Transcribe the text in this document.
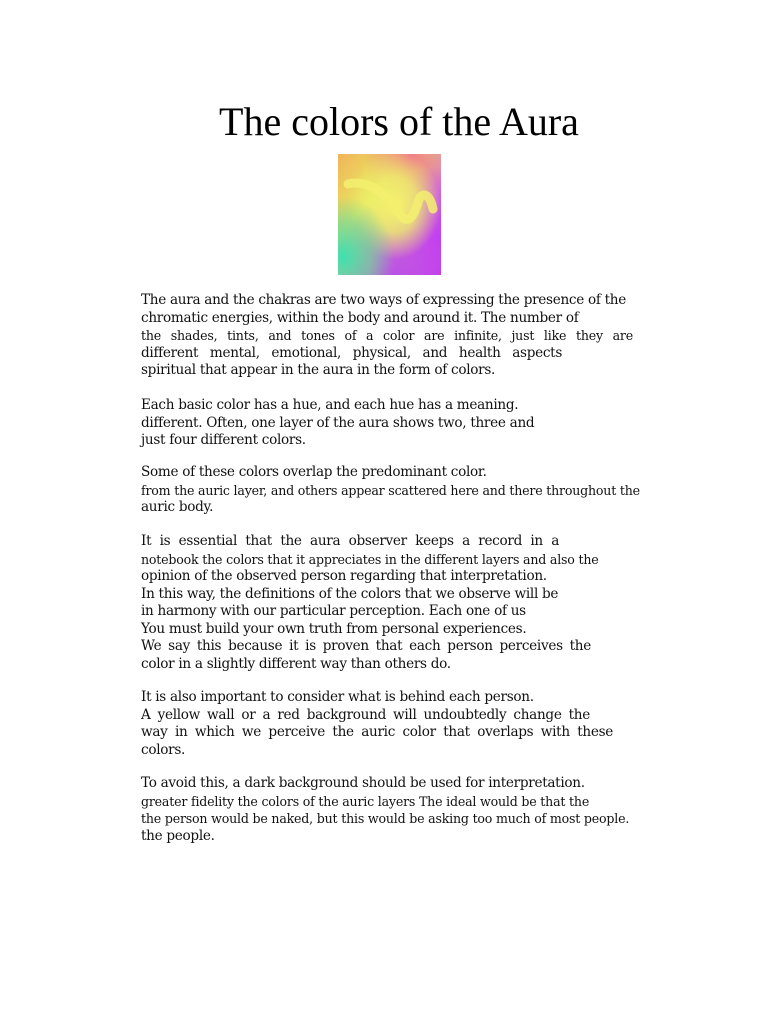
The colors of the Aura
The aura and the chakras are two ways of expressing the presence of the
chromatic energies, within the body and around it. The number of
the shades, tints, and tones of a color are infinite, just like they are
different mental, emotional, physical, and health aspects
spiritual that appear in the aura in the form of colors.
Each basic color has a hue, and each hue has a meaning.
different. Often, one layer of the aura shows two, three and
just four different colors.
Some of these colors overlap the predominant color.
from the auric layer, and others appear scattered here and there throughout the
auric body.
It is essential that the aura observer keeps a record in a
notebook the colors that it appreciates in the different layers and also the
opinion of the observed person regarding that interpretation.
In this way, the definitions of the colors that we observe will be
in harmony with our particular perception. Each one of us
You must build your own truth from personal experiences.
We say this because it is proven that each person perceives the
color in a slightly different way than others do.
It is also important to consider what is behind each person.
A yellow wall or a red background will undoubtedly change the
way in which we perceive the auric color that overlaps with these
colors.
To avoid this, a dark background should be used for interpretation.
greater fidelity the colors of the auric layers The ideal would be that the
the person would be naked, but this would be asking too much of most people.
the people.
